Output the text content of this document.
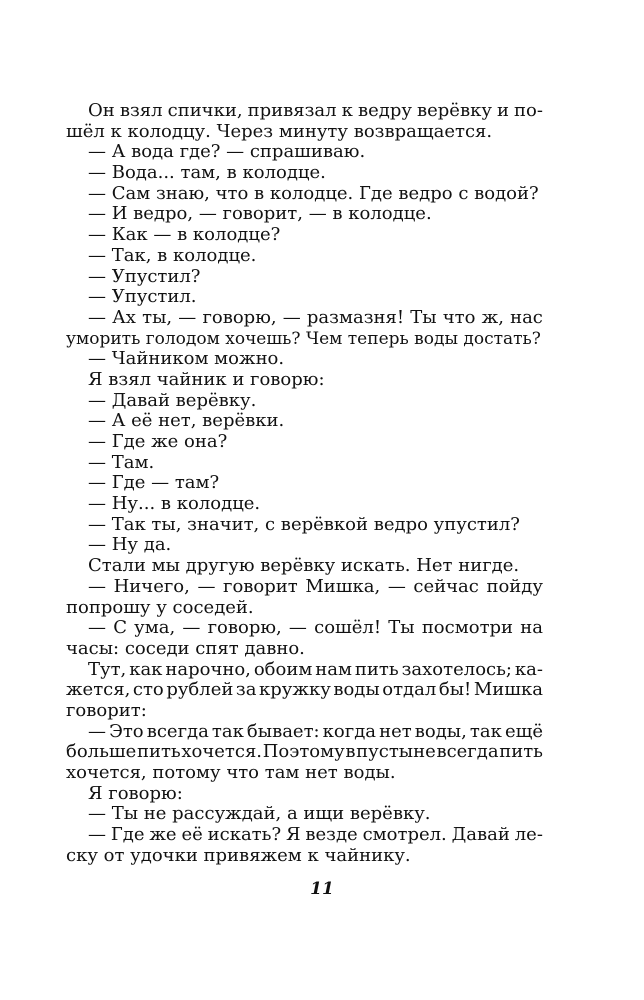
Он взял спички, привязал к ведру верёвку и по-
шёл к колодцу. Через минуту возвращается.
— А вода где? — спрашиваю.
— Вода... там, в колодце.
— Сам знаю, что в колодце. Где ведро с водой?
— И ведро, — говорит, — в колодце.
— Как — в колодце?
— Так, в колодце.
— Упустил?
— Упустил.
— Ах ты, — говорю, — размазня! Ты что ж, нас
уморить голодом хочешь? Чем теперь воды достать?
— Чайником можно.
Я взял чайник и говорю:
— Давай верёвку.
— А её нет, верёвки.
— Где же она?
— Там.
— Где — там?
— Ну... в колодце.
— Так ты, значит, с верёвкой ведро упустил?
— Ну да.
Стали мы другую верёвку искать. Нет нигде.
— Ничего, — говорит Мишка, — сейчас пойду
попрошу у соседей.
— С ума, — говорю, — сошёл! Ты посмотри на
часы: соседи спят давно.
Тут, как нарочно, обоим нам пить захотелось; ка-
жется, сто рублей за кружку воды отдал бы! Мишка
говорит:
— Это всегда так бывает: когда нет воды, так ещё
больше пить хочется. Поэтому в пустыне всегда пить
хочется, потому что там нет воды.
Я говорю:
— Ты не рассуждай, а ищи верёвку.
— Где же её искать? Я везде смотрел. Давай ле-
ску от удочки привяжем к чайнику.
11
